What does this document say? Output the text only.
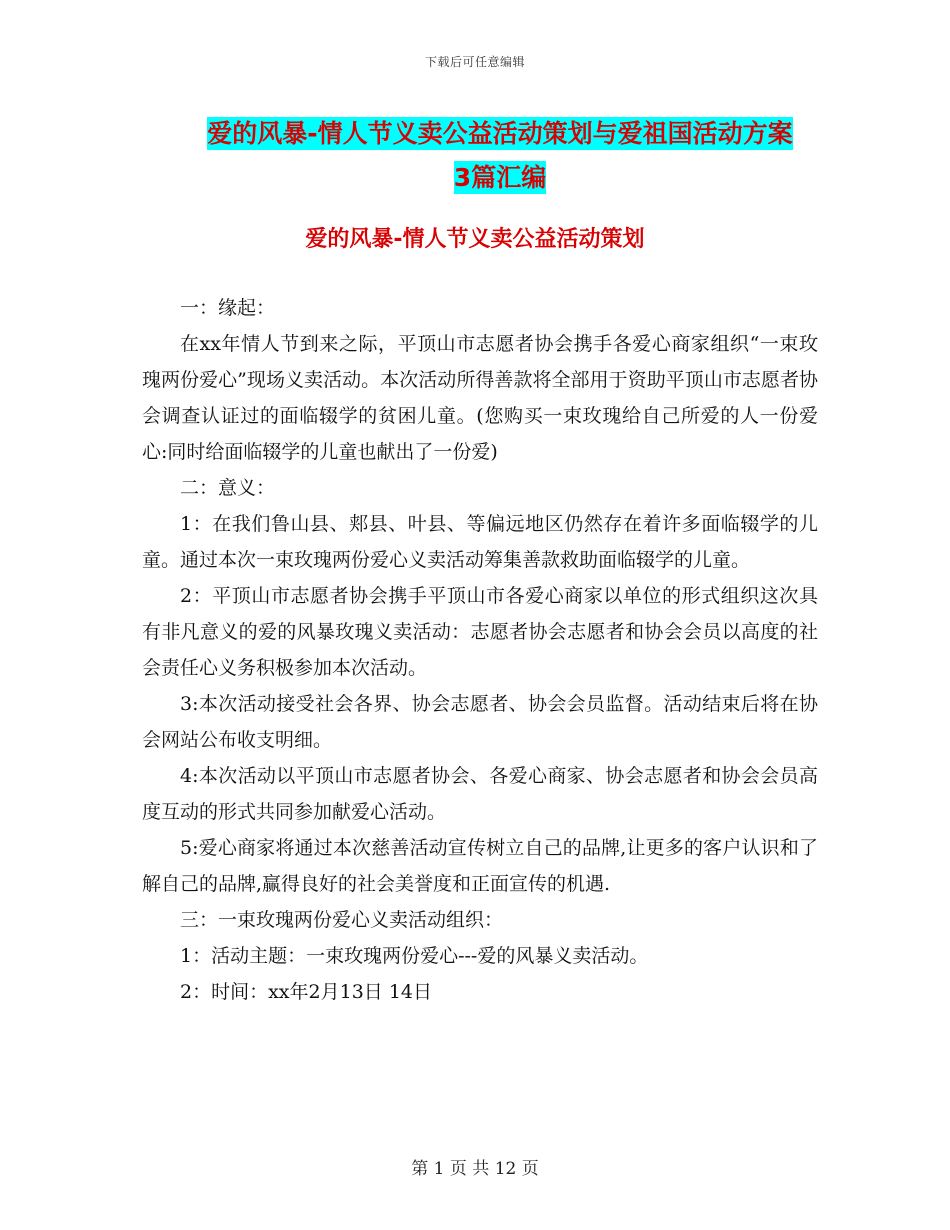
下载后可任意编辑
爱的风暴-情人节义卖公益活动策划与爱祖国活动方案
3篇汇编
爱的风暴-情人节义卖公益活动策划

一：缘起：

在xx年情人节到来之际，平顶山市志愿者协会携手各爱心商家组织“一束玫瑰两份爱心”现场义卖活动。本次活动所得善款将全部用于资助平顶山市志愿者协会调查认证过的面临辍学的贫困儿童。(您购买一束玫瑰给自己所爱的人一份爱心:同时给面临辍学的儿童也献出了一份爱)

二：意义：

1：在我们鲁山县、郏县、叶县、等偏远地区仍然存在着许多面临辍学的儿童。通过本次一束玫瑰两份爱心义卖活动筹集善款救助面临辍学的儿童。

2：平顶山市志愿者协会携手平顶山市各爱心商家以单位的形式组织这次具有非凡意义的爱的风暴玫瑰义卖活动：志愿者协会志愿者和协会会员以高度的社会责任心义务积极参加本次活动。

3:本次活动接受社会各界、协会志愿者、协会会员监督。活动结束后将在协会网站公布收支明细。

4:本次活动以平顶山市志愿者协会、各爱心商家、协会志愿者和协会会员高度互动的形式共同参加献爱心活动。

5:爱心商家将通过本次慈善活动宣传树立自己的品牌,让更多的客户认识和了解自己的品牌,赢得良好的社会美誉度和正面宣传的机遇.

三：一束玫瑰两份爱心义卖活动组织：

1：活动主题：一束玫瑰两份爱心---爱的风暴义卖活动。

2：时间：xx年2月13日 14日

第 1 页 共 12 页
